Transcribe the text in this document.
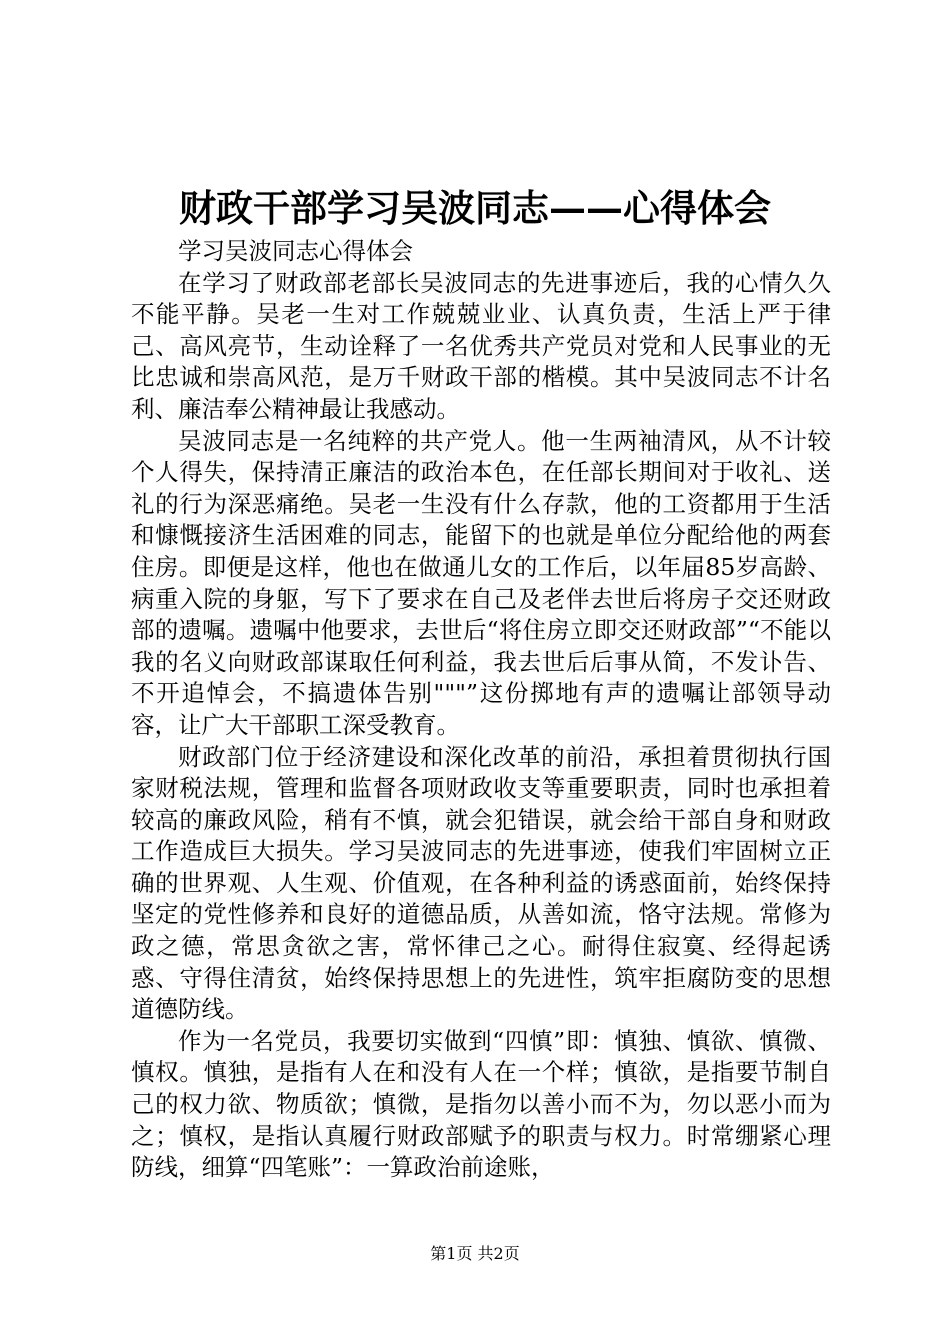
财政干部学习吴波同志——心得体会

学习吴波同志心得体会

在学习了财政部老部长吴波同志的先进事迹后，我的心情久久不能平静。吴老一生对工作兢兢业业、认真负责，生活上严于律己、高风亮节，生动诠释了一名优秀共产党员对党和人民事业的无比忠诚和崇高风范，是万千财政干部的楷模。其中吴波同志不计名利、廉洁奉公精神最让我感动。

吴波同志是一名纯粹的共产党人。他一生两袖清风，从不计较个人得失，保持清正廉洁的政治本色，在任部长期间对于收礼、送礼的行为深恶痛绝。吴老一生没有什么存款，他的工资都用于生活和慷慨接济生活困难的同志，能留下的也就是单位分配给他的两套住房。即便是这样，他也在做通儿女的工作后，以年届85岁高龄、病重入院的身躯，写下了要求在自己及老伴去世后将房子交还财政部的遗嘱。遗嘱中他要求，去世后“将住房立即交还财政部”“不能以我的名义向财政部谋取任何利益，我去世后后事从简，不发讣告、不开追悼会，不搞遗体告别"""”这份掷地有声的遗嘱让部领导动容，让广大干部职工深受教育。

财政部门位于经济建设和深化改革的前沿，承担着贯彻执行国家财税法规，管理和监督各项财政收支等重要职责，同时也承担着较高的廉政风险，稍有不慎，就会犯错误，就会给干部自身和财政工作造成巨大损失。学习吴波同志的先进事迹，使我们牢固树立正确的世界观、人生观、价值观，在各种利益的诱惑面前，始终保持坚定的党性修养和良好的道德品质，从善如流，恪守法规。常修为政之德，常思贪欲之害，常怀律己之心。耐得住寂寞、经得起诱惑、守得住清贫，始终保持思想上的先进性，筑牢拒腐防变的思想道德防线。

作为一名党员，我要切实做到“四慎”即：慎独、慎欲、慎微、慎权。慎独，是指有人在和没有人在一个样；慎欲，是指要节制自己的权力欲、物质欲；慎微，是指勿以善小而不为，勿以恶小而为之；慎权，是指认真履行财政部赋予的职责与权力。时常绷紧心理防线，细算“四笔账”：一算政治前途账，

第1页 共2页
